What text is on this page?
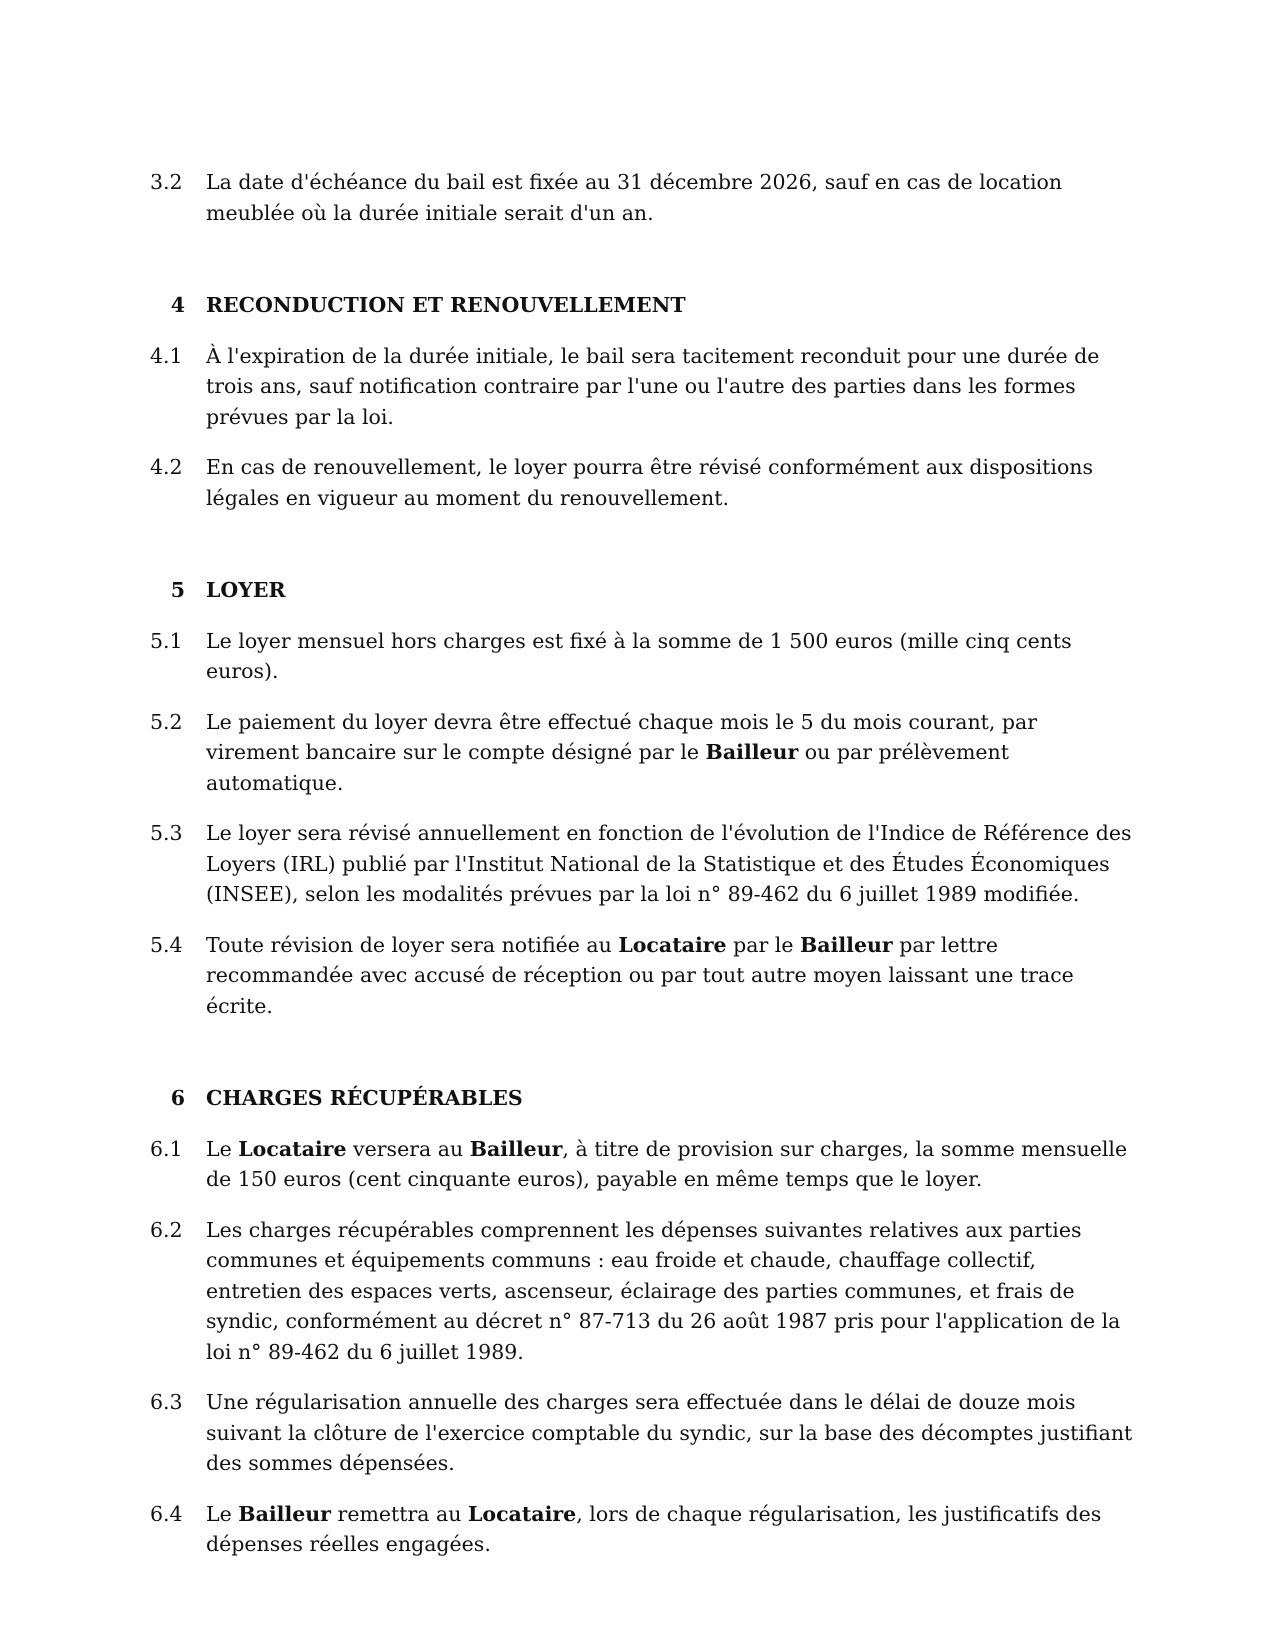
3.2	La date d'échéance du bail est fixée au 31 décembre 2026, sauf en cas de location meublée où la durée initiale serait d'un an.
4	RECONDUCTION ET RENOUVELLEMENT
4.1	À l'expiration de la durée initiale, le bail sera tacitement reconduit pour une durée de trois ans, sauf notification contraire par l'une ou l'autre des parties dans les formes prévues par la loi.
4.2	En cas de renouvellement, le loyer pourra être révisé conformément aux dispositions légales en vigueur au moment du renouvellement.
5	LOYER
5.1	Le loyer mensuel hors charges est fixé à la somme de 1 500 euros (mille cinq cents euros).
5.2	Le paiement du loyer devra être effectué chaque mois le 5 du mois courant, par virement bancaire sur le compte désigné par le Bailleur ou par prélèvement automatique.
5.3	Le loyer sera révisé annuellement en fonction de l'évolution de l'Indice de Référence des Loyers (IRL) publié par l'Institut National de la Statistique et des Études Économiques (INSEE), selon les modalités prévues par la loi n° 89-462 du 6 juillet 1989 modifiée.
5.4	Toute révision de loyer sera notifiée au Locataire par le Bailleur par lettre recommandée avec accusé de réception ou par tout autre moyen laissant une trace écrite.
6	CHARGES RÉCUPÉRABLES
6.1	Le Locataire versera au Bailleur, à titre de provision sur charges, la somme mensuelle de 150 euros (cent cinquante euros), payable en même temps que le loyer.
6.2	Les charges récupérables comprennent les dépenses suivantes relatives aux parties communes et équipements communs : eau froide et chaude, chauffage collectif, entretien des espaces verts, ascenseur, éclairage des parties communes, et frais de syndic, conformément au décret n° 87-713 du 26 août 1987 pris pour l'application de la loi n° 89-462 du 6 juillet 1989.
6.3	Une régularisation annuelle des charges sera effectuée dans le délai de douze mois suivant la clôture de l'exercice comptable du syndic, sur la base des décomptes justifiant des sommes dépensées.
6.4	Le Bailleur remettra au Locataire, lors de chaque régularisation, les justificatifs des dépenses réelles engagées.
